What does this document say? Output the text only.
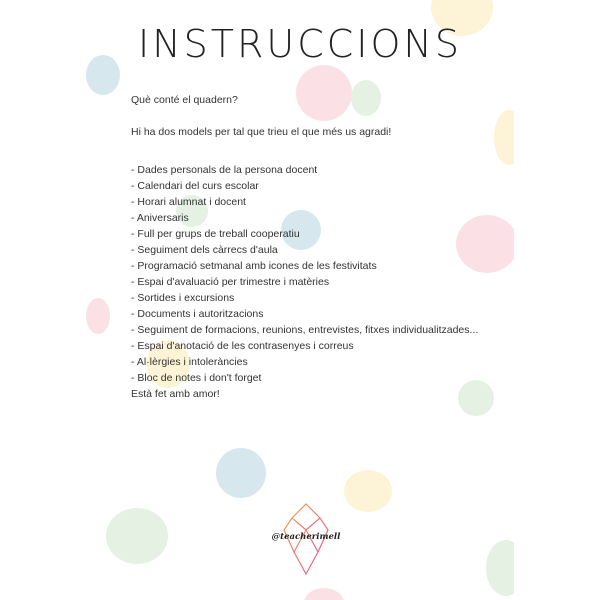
INSTRUCCIONS

Què conté el quadern?

Hi ha dos models per tal que trieu el que més us agradi!

- Dades personals de la persona docent
- Calendari del curs escolar
- Horari alumnat i docent
- Aniversaris
- Full per grups de treball cooperatiu
- Seguiment dels càrrecs d'aula
- Programació setmanal amb icones de les festivitats
- Espai d'avaluació per trimestre i matèries
- Sortides i excursions
- Documents i autoritzacions
- Seguiment de formacions, reunions, entrevistes, fitxes individualitzades...
- Espai d'anotació de les contrasenyes i correus
- Al·lèrgies i intoleràncies
- Bloc de notes i don't forget

Està fet amb amor!

@teacherimell
